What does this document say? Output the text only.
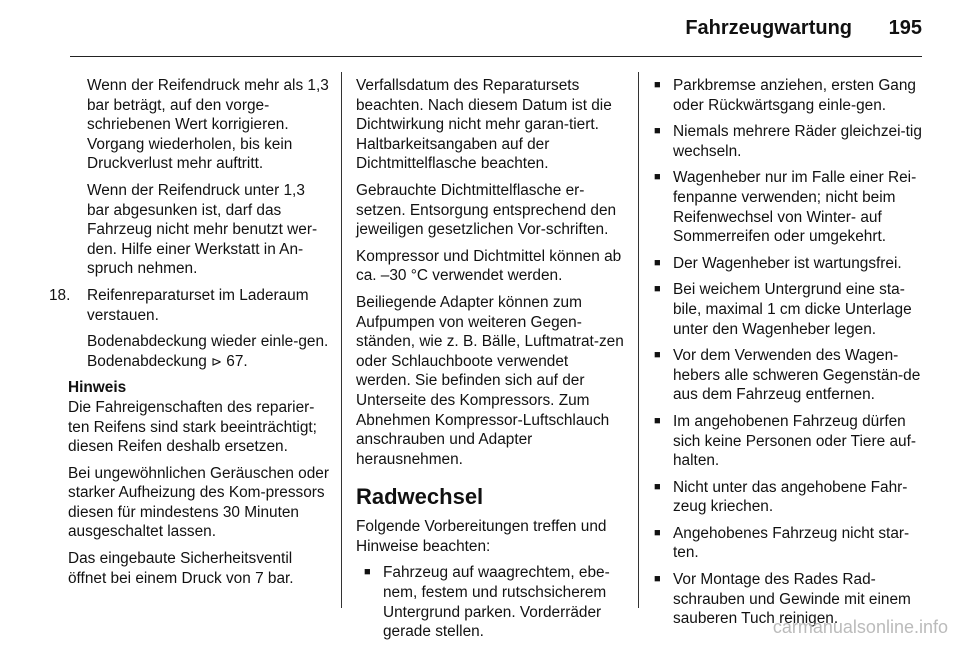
Fahrzeugwartung 195

Wenn der Reifendruck mehr als 1,3 bar beträgt, auf den vorge-schriebenen Wert korrigieren. Vorgang wiederholen, bis kein Druckverlust mehr auftritt.

Wenn der Reifendruck unter 1,3 bar abgesunken ist, darf das Fahrzeug nicht mehr benutzt wer-den. Hilfe einer Werkstatt in An-spruch nehmen.

18.	Reifenreparaturset im Laderaum verstauen.

Bodenabdeckung wieder einle-gen. Bodenabdeckung ⊳ 67.

Hinweis

Die Fahreigenschaften des reparier-ten Reifens sind stark beeinträchtigt; diesen Reifen deshalb ersetzen.

Bei ungewöhnlichen Geräuschen oder starker Aufheizung des Kom-pressors diesen für mindestens 30 Minuten ausgeschaltet lassen.

Das eingebaute Sicherheitsventil öffnet bei einem Druck von 7 bar.

Verfallsdatum des Reparatursets beachten. Nach diesem Datum ist die Dichtwirkung nicht mehr garan-tiert. Haltbarkeitsangaben auf der Dichtmittelflasche beachten.

Gebrauchte Dichtmittelflasche er-setzen. Entsorgung entsprechend den jeweiligen gesetzlichen Vor-schriften.

Kompressor und Dichtmittel können ab ca. –30 °C verwendet werden.

Beiliegende Adapter können zum Aufpumpen von weiteren Gegen-ständen, wie z. B. Bälle, Luftmatrat-zen oder Schlauchboote verwendet werden. Sie befinden sich auf der Unterseite des Kompressors. Zum Abnehmen Kompressor-Luftschlauch anschrauben und Adapter herausnehmen.

Radwechsel

Folgende Vorbereitungen treffen und Hinweise beachten:

■ Fahrzeug auf waagrechtem, ebe-nem, festem und rutschsicherem Untergrund parken. Vorderräder gerade stellen.
■ Parkbremse anziehen, ersten Gang oder Rückwärtsgang einle-gen.
■ Niemals mehrere Räder gleichzei-tig wechseln.
■ Wagenheber nur im Falle einer Rei-fenpanne verwenden; nicht beim Reifenwechsel von Winter- auf Sommerreifen oder umgekehrt.
■ Der Wagenheber ist wartungsfrei.
■ Bei weichem Untergrund eine sta-bile, maximal 1 cm dicke Unterlage unter den Wagenheber legen.
■ Vor dem Verwenden des Wagen-hebers alle schweren Gegenstän-de aus dem Fahrzeug entfernen.
■ Im angehobenen Fahrzeug dürfen sich keine Personen oder Tiere auf-halten.
■ Nicht unter das angehobene Fahr-zeug kriechen.
■ Angehobenes Fahrzeug nicht star-ten.
■ Vor Montage des Rades Rad-schrauben und Gewinde mit einem sauberen Tuch reinigen.
carmanualsonline.info
